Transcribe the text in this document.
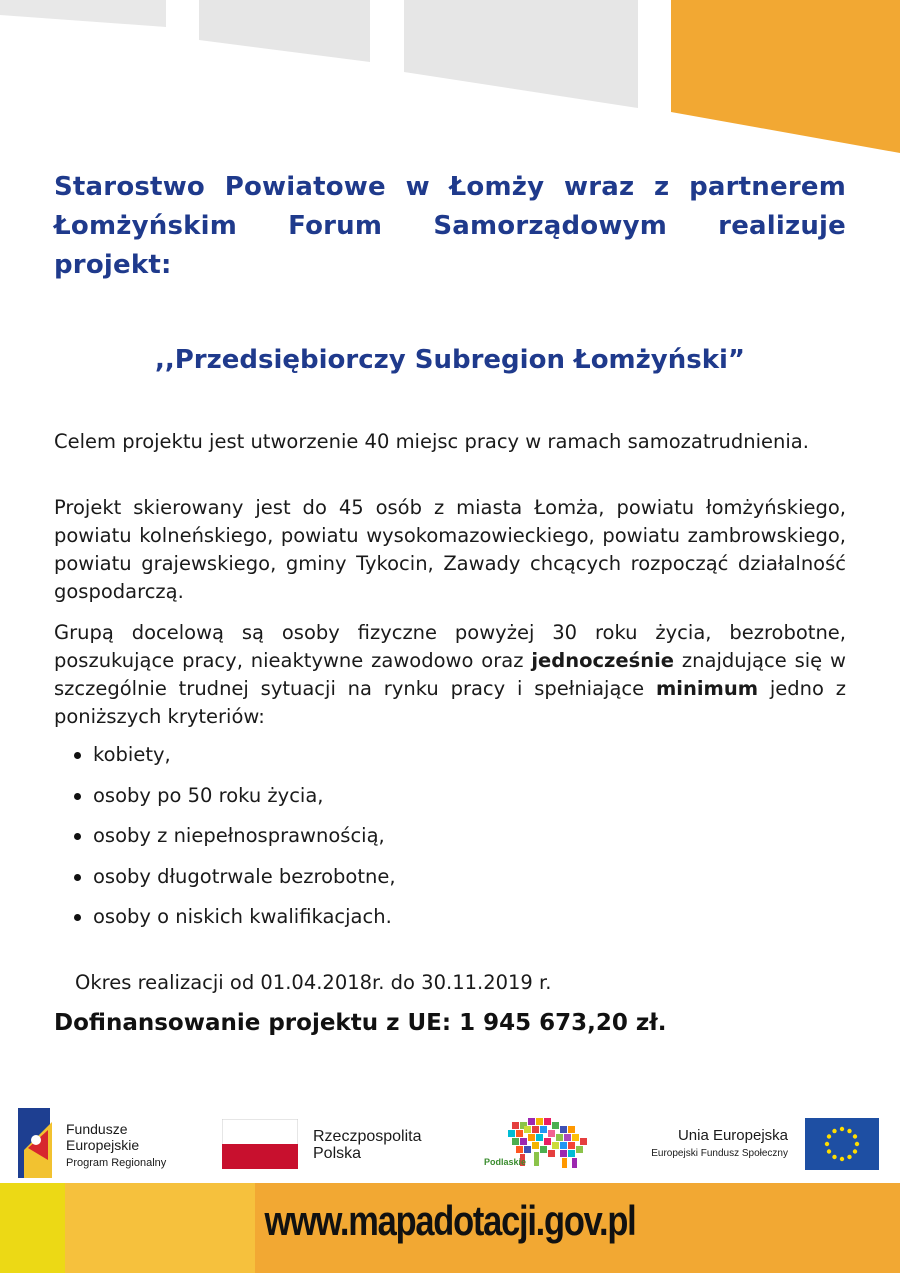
Starostwo Powiatowe w Łomży wraz z partnerem Łomżyńskim Forum Samorządowym realizuje projekt:
,,Przedsiębiorczy Subregion Łomżyński”

Celem projektu jest utworzenie 40 miejsc pracy w ramach samozatrudnienia.

Projekt skierowany jest do 45 osób z miasta Łomża, powiatu łomżyńskiego, powiatu kolneńskiego, powiatu wysokomazowieckiego, powiatu zambrowskiego, powiatu grajewskiego, gminy Tykocin, Zawady chcących rozpocząć działalność gospodarczą.

Grupą docelową są osoby fizyczne powyżej 30 roku życia, bezrobotne, poszukujące pracy, nieaktywne zawodowo oraz jednocześnie znajdujące się w szczególnie trudnej sytuacji na rynku pracy i spełniające minimum jedno z poniższych kryteriów:

kobiety,
osoby po 50 roku życia,
osoby z niepełnosprawnością,
osoby długotrwale bezrobotne,
osoby o niskich kwalifikacjach.

Okres realizacji od 01.04.2018r. do 30.11.2019 r.

Dofinansowanie projektu z UE: 1 945 673,20 zł.

Fundusze
Europejskie
Program Regionalny
Rzeczpospolita
Polska	Podlaskie
Unia Europejska
Europejski Fundusz Społeczny
www.mapadotacji.gov.pl
